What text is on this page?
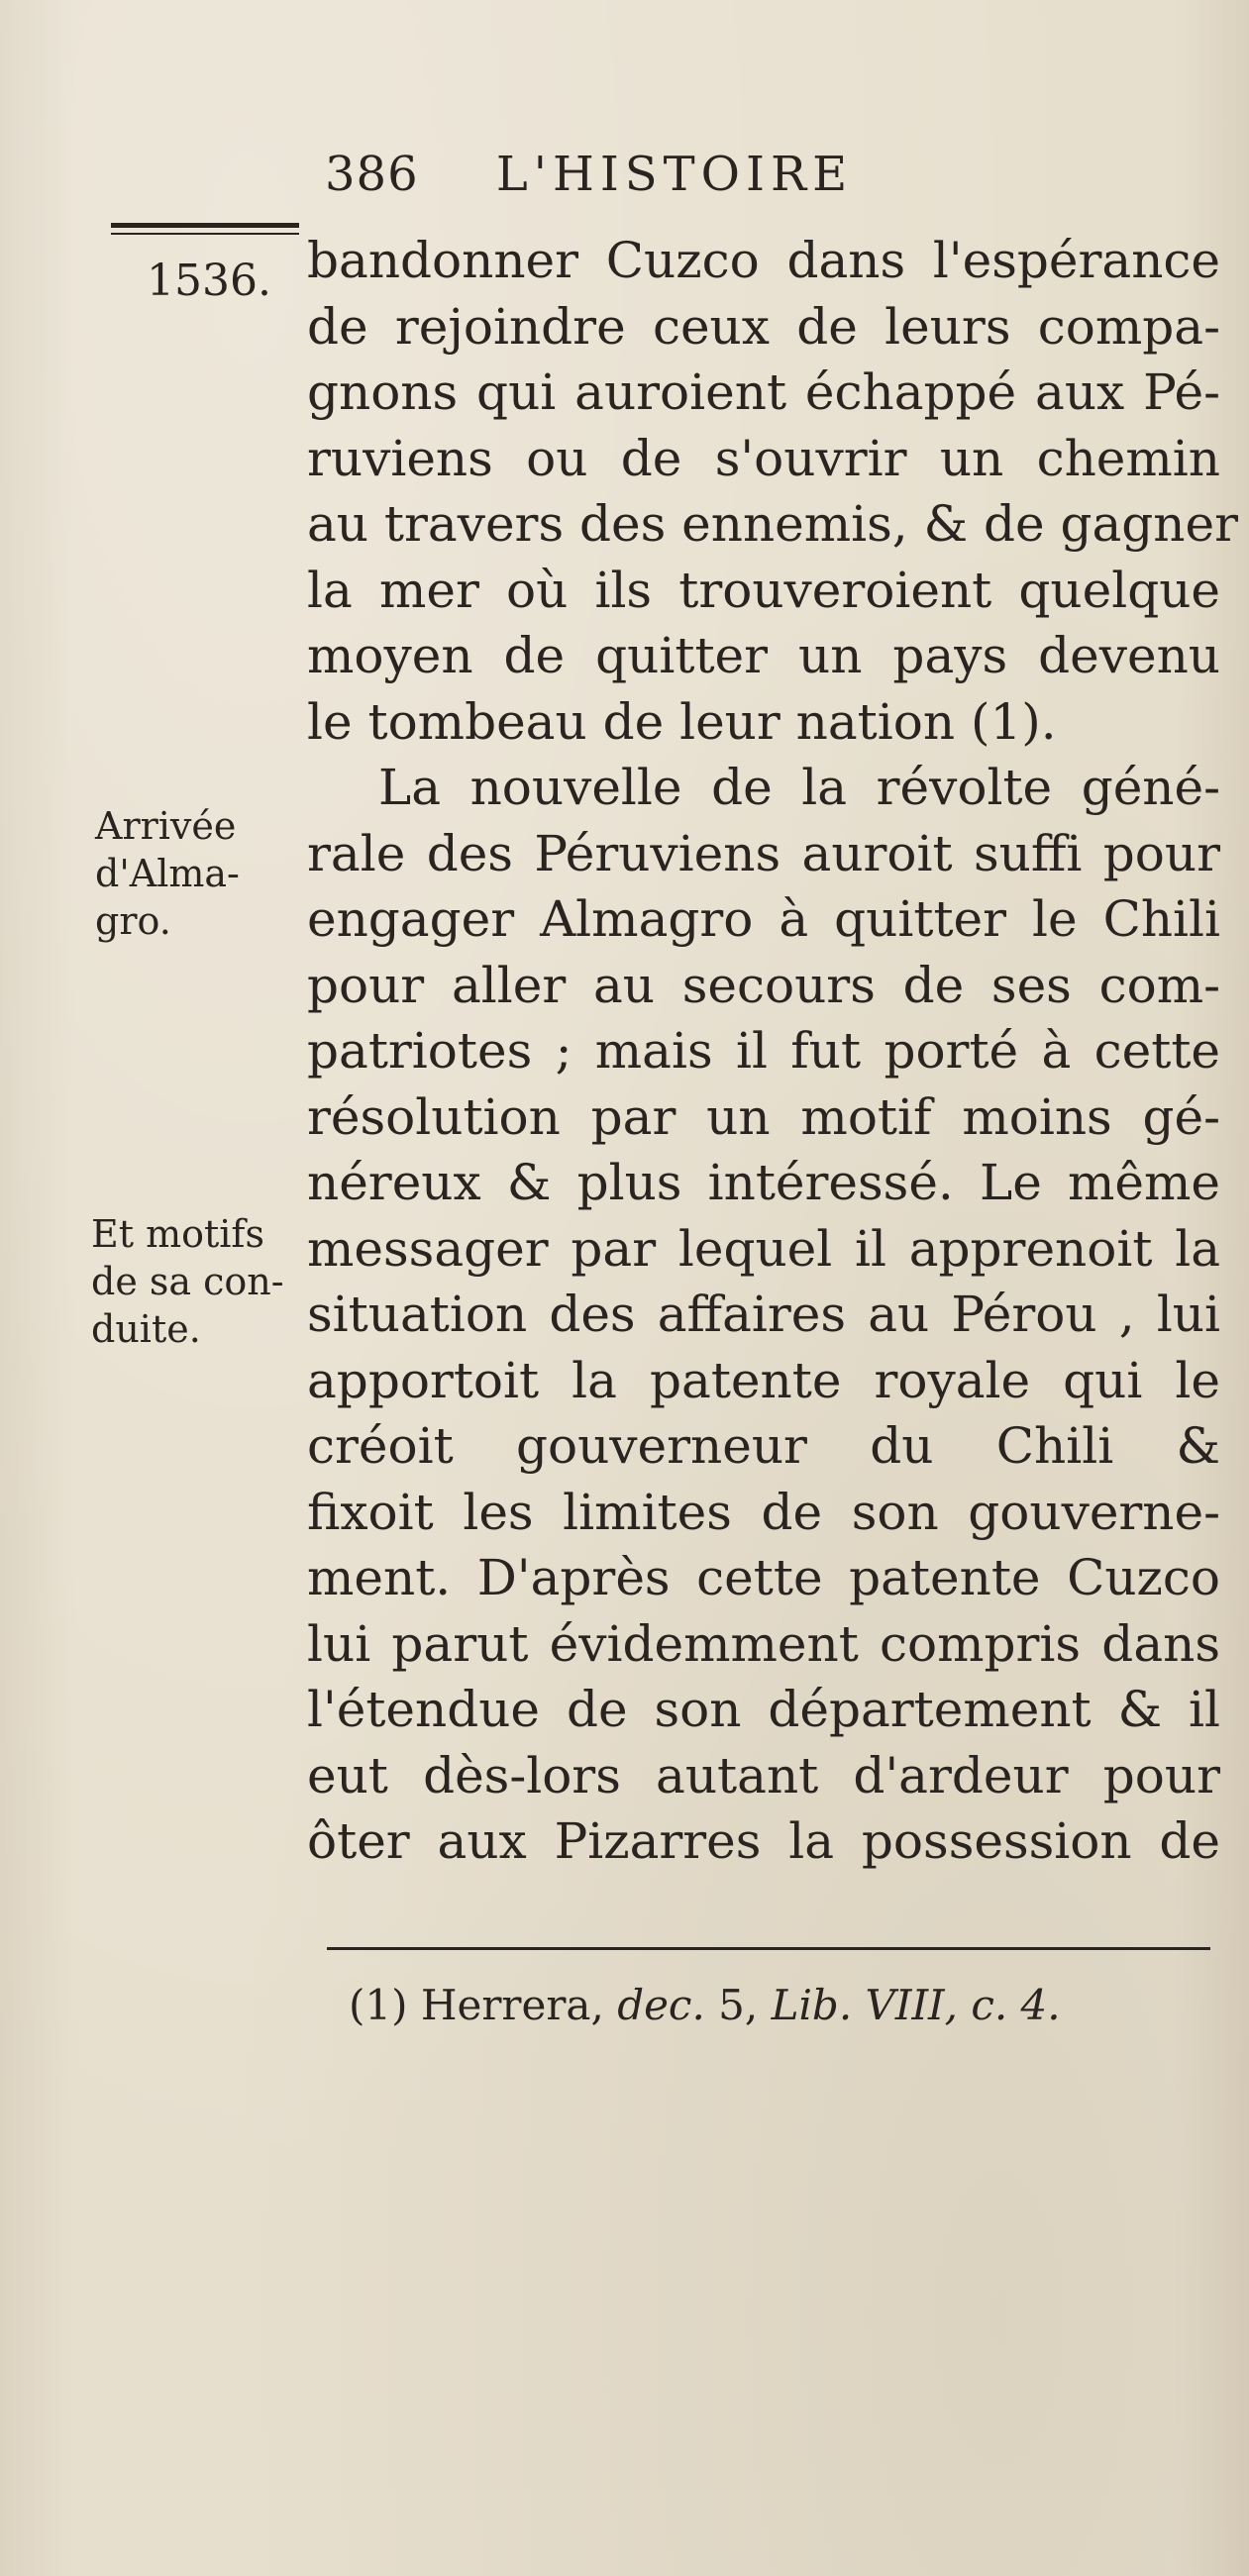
386 L'HISTOIRE
1536.
Arrivée
d'Alma-
gro.
Et motifs
de sa con-
duite.
bandonner Cuzco dans l'espérance
de rejoindre ceux de leurs compa-
gnons qui auroient échappé aux Pé-
ruviens ou de s'ouvrir un chemin
au travers des ennemis, & de gagner
la mer où ils trouveroient quelque
moyen de quitter un pays devenu
le tombeau de leur nation (1).
La nouvelle de la révolte géné-
rale des Péruviens auroit suffi pour
engager Almagro à quitter le Chili
pour aller au secours de ses com-
patriotes ; mais il fut porté à cette
résolution par un motif moins gé-
néreux & plus intéressé. Le même
messager par lequel il apprenoit la
situation des affaires au Pérou , lui
apportoit la patente royale qui le
créoit gouverneur du Chili &
fixoit les limites de son gouverne-
ment. D'après cette patente Cuzco
lui parut évidemment compris dans
l'étendue de son département & il
eut dès-lors autant d'ardeur pour
ôter aux Pizarres la possession de
(1) Herrera, dec. 5, Lib. VIII, c. 4.
